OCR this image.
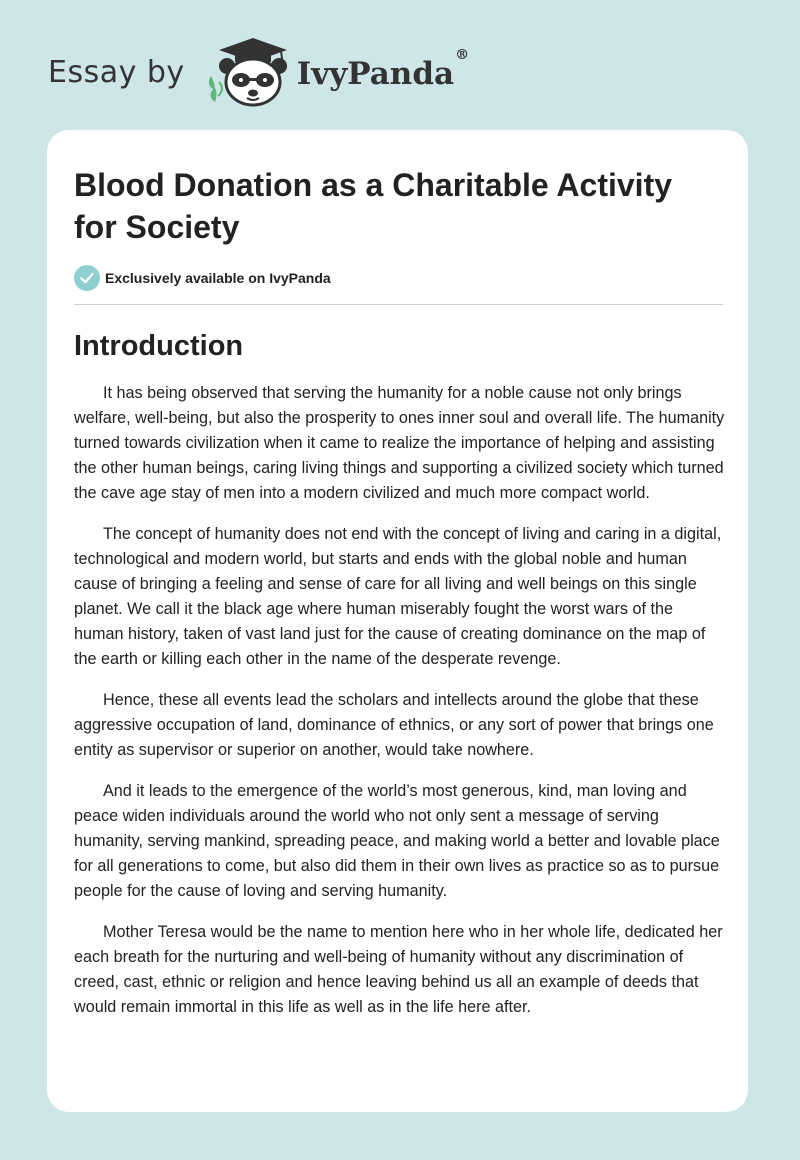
Essay by	IvyPanda®
Blood Donation as a Charitable Activity for Society
Exclusively available on IvyPanda
Introduction

It has being observed that serving the humanity for a noble cause not only brings welfare, well-being, but also the prosperity to ones inner soul and overall life. The humanity turned towards civilization when it came to realize the importance of helping and assisting the other human beings, caring living things and supporting a civilized society which turned the cave age stay of men into a modern civilized and much more compact world.

The concept of humanity does not end with the concept of living and caring in a digital, technological and modern world, but starts and ends with the global noble and human cause of bringing a feeling and sense of care for all living and well beings on this single planet. We call it the black age where human miserably fought the worst wars of the human history, taken of vast land just for the cause of creating dominance on the map of the earth or killing each other in the name of the desperate revenge.

Hence, these all events lead the scholars and intellects around the globe that these aggressive occupation of land, dominance of ethnics, or any sort of power that brings one entity as supervisor or superior on another, would take nowhere.

And it leads to the emergence of the world’s most generous, kind, man loving and peace widen individuals around the world who not only sent a message of serving humanity, serving mankind, spreading peace, and making world a better and lovable place for all generations to come, but also did them in their own lives as practice so as to pursue people for the cause of loving and serving humanity.

Mother Teresa would be the name to mention here who in her whole life, dedicated her each breath for the nurturing and well-being of humanity without any discrimination of creed, cast, ethnic or religion and hence leaving behind us all an example of deeds that would remain immortal in this life as well as in the life here after.
